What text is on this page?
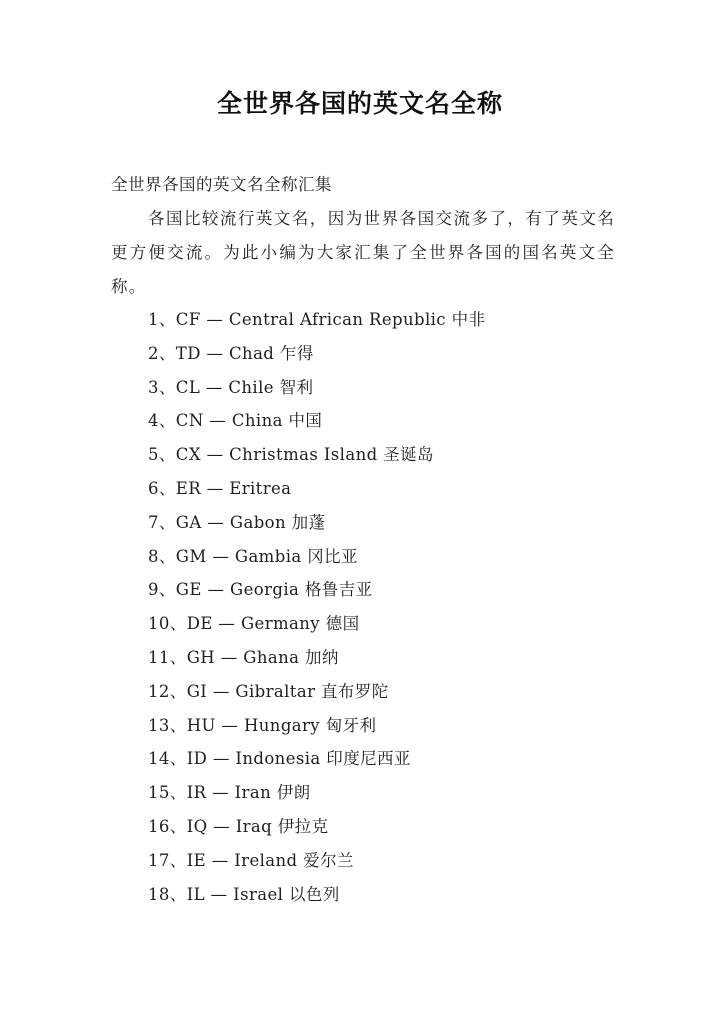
全世界各国的英文名全称
全世界各国的英文名全称汇集
各国比较流行英文名，因为世界各国交流多了，有了英文名更方便交流。为此小编为大家汇集了全世界各国的国名英文全称。
1、CF — Central African Republic 中非
2、TD — Chad 乍得
3、CL — Chile 智利
4、CN — China 中国
5、CX — Christmas Island 圣诞岛
6、ER — Eritrea
7、GA — Gabon 加蓬
8、GM — Gambia 冈比亚
9、GE — Georgia 格鲁吉亚
10、DE — Germany 德国
11、GH — Ghana 加纳
12、GI — Gibraltar 直布罗陀
13、HU — Hungary 匈牙利
14、ID — Indonesia 印度尼西亚
15、IR — Iran 伊朗
16、IQ — Iraq 伊拉克
17、IE — Ireland 爱尔兰
18、IL — Israel 以色列
